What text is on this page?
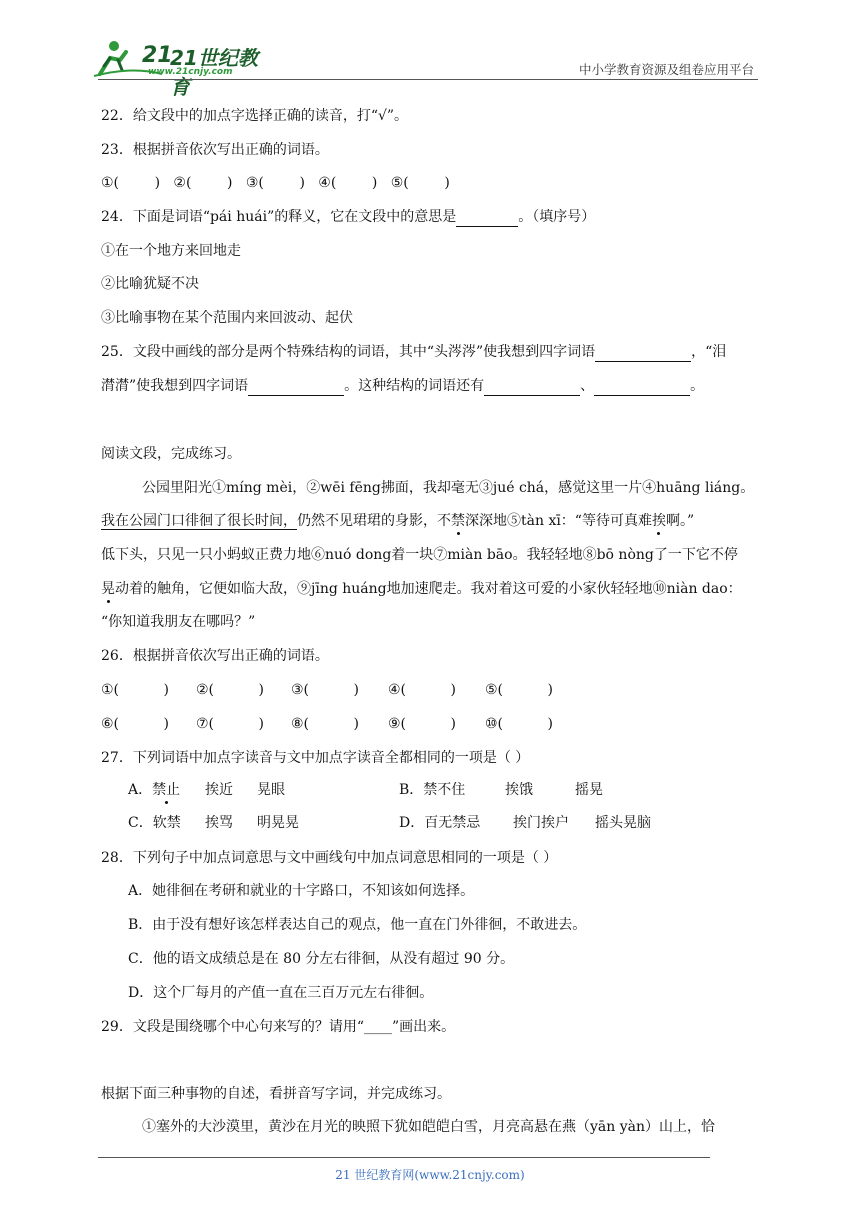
21
21世纪教育
www.21cnjy.com	中小学教育资源及组卷应用平台
22．给文段中的加点字选择正确的读音，打“√”。
23．根据拼音依次写出正确的词语。
①(        )   ②(        )   ③(        )   ④(        )   ⑤(        )
24．下面是词语“pái huái”的释义，它在文段中的意思是	。（填序号）
①在一个地方来回地走
②比喻犹疑不决
③比喻事物在某个范围内来回波动、起伏
25．文段中画线的部分是两个特殊结构的词语，其中“头涔涔”使我想到四字词语	，“泪
潸潸”使我想到四字词语	。这种结构的词语还有	、	。
阅读文段，完成练习。
公园里阳光①míng mèi，②wēi fēng拂面，我却毫无③jué chá，感觉这里一片④huāng liáng。
我在公园门口徘徊了很长时间，仍然不见珺珺的身影，不禁深深地⑤tàn xī：“等待可真难挨啊。”
低下头，只见一只小蚂蚁正费力地⑥nuó dong着一块⑦miàn bāo。我轻轻地⑧bō nòng了一下它不停
晃动着的触角，它便如临大敌，⑨jīng huáng地加速爬走。我对着这可爱的小家伙轻轻地⑩niàn dao：
“你知道我朋友在哪吗？”
26．根据拼音依次写出正确的词语。
①(          ) ②(          ) ③(          ) ④(          ) ⑤(          )
⑥(          ) ⑦(          ) ⑧(          ) ⑨(          ) ⑩(          )
27．下列词语中加点字读音与文中加点字读音全都相同的一项是（ ）
A．禁止 挨近 晃眼	B．禁不住	挨饿	摇晃
C．软禁 挨骂 明晃晃	D．百无禁忌 挨门挨户 摇头晃脑
28．下列句子中加点词意思与文中画线句中加点词意思相同的一项是（ ）
A．她徘徊在考研和就业的十字路口，不知该如何选择。
B．由于没有想好该怎样表达自己的观点，他一直在门外徘徊，不敢进去。
C．他的语文成绩总是在 80 分左右徘徊，从没有超过 90 分。
D．这个厂每月的产值一直在三百万元左右徘徊。
29．文段是围绕哪个中心句来写的？请用“____”画出来。
根据下面三种事物的自述，看拼音写字词，并完成练习。
①塞外的大沙漠里，黄沙在月光的映照下犹如皑皑白雪，月亮高悬在燕（yān yàn）山上，恰
21 世纪教育网(www.21cnjy.com)
